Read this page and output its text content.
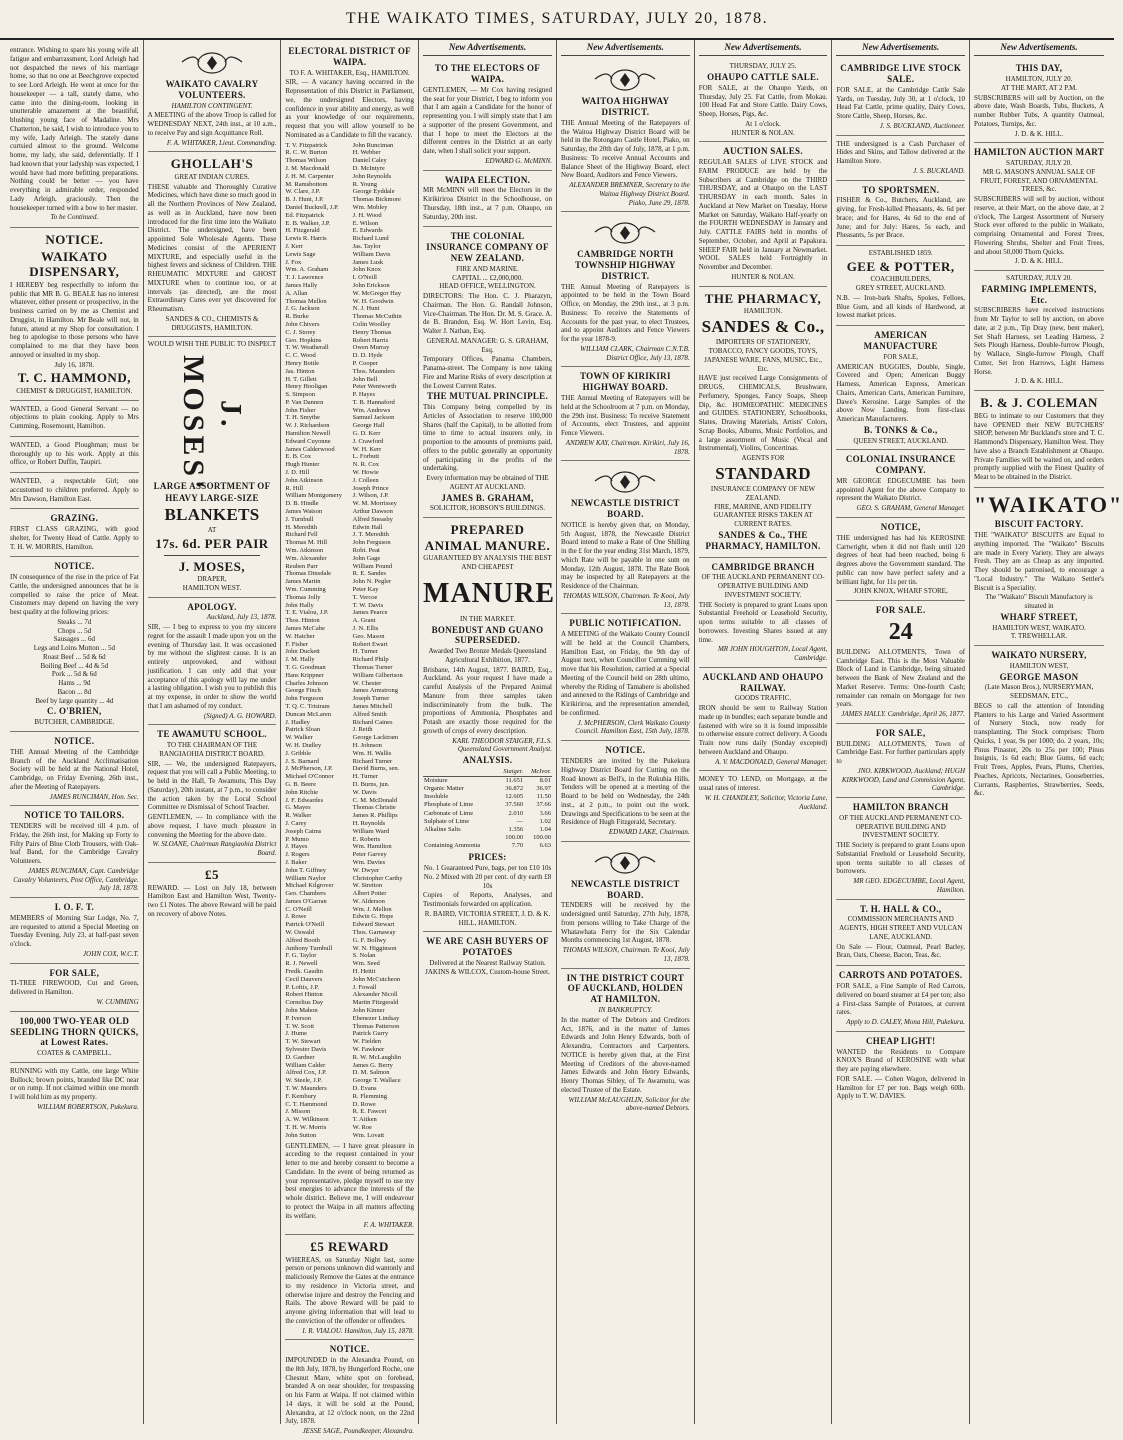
THE WAIKATO TIMES, SATURDAY, JULY 20, 1878.
entrance. Wishing to spare his young wife all fatigue and embarrassment, Lord Arleigh had not despatched the news of his marriage home, so that no one at Beechgrove expected to see Lord Arleigh. He went at once for the housekeeper — a tall, stately dame, who came into the dining-room, looking in unutterable amazement at the beautiful, blushing young face of Madaline. Mrs Chatterton, he said, I wish to introduce you to my wife, Lady Arleigh. The stately dame curtsied almost to the ground. Welcome home, my lady, she said, deferentially. If I had known that your ladyship was expected, I would have had more befitting preparations. Nothing could be better — you have everything in admirable order, responded Lady Arleigh, graciously. Then the housekeeper turned with a bow to her master.
To be Continued.
NOTICE.
WAIKATO DISPENSARY,
I HEREBY beg respectfully to inform the public that MR B. G. BEALE has no interest whatever, either present or prospective, in the business carried on by me as Chemist and Druggist, in Hamilton. Mr Beale will not, in future, attend at my Shop for consultation. I beg to apologise to those persons who have complained to me that they have been annoyed or insulted in my shop.
July 16, 1878.
T. C. HAMMOND,
CHEMIST & DRUGGIST, HAMILTON.
WANTED, a Good General Servant — no objections to plain cooking. Apply to Mrs Cumming, Rosemount, Hamilton.
WANTED, a Good Ploughman; must be thoroughly up to his work. Apply at this office, or Robert Duffin, Taupiri.
WANTED, a respectable Girl; one accustomed to children preferred. Apply to Mrs Dawson, Hamilton East.
GRAZING.
FIRST CLASS GRAZING, with good shelter, for Twenty Head of Cattle. Apply to T. H. W. MORRIS, Hamilton.
NOTICE.
IN consequence of the rise in the price of Fat Cattle, the undersigned announces that he is compelled to raise the price of Meat. Customers may depend on having the very best quality at the following prices:
Steaks ... 7d
Chops ... 5d
Sausages ... 6d
Legs and Loins Mutton ... 5d
Roast Beef ... 5d & 6d
Boiling Beef ... 4d & 5d
Pork ... 5d & 6d
Hams ... 9d
Bacon ... 8d
Beef by large quantity ... 4d
C. O'BRIEN,
BUTCHER, CAMBRIDGE.
NOTICE.
THE Annual Meeting of the Cambridge Branch of the Auckland Acclimatisation Society will be held at the National Hotel, Cambridge, on Friday Evening, 26th inst., after the Meeting of Ratepayers.
JAMES RUNCIMAN, Hon. Sec.
NOTICE TO TAILORS.
TENDERS will be received till 4 p.m. of Friday, the 26th inst, for Making up Forty to Fifty Pairs of Blue Cloth Trousers, with Oak-leaf Band, for the Cambridge Cavalry Volunteers.
JAMES RUNCIMAN, Capt. Cambridge Cavalry Volunteers, Post Office, Cambridge. July 18, 1878.
I. O. F. T.
MEMBERS of Morning Star Lodge, No. 7, are requested to attend a Special Meeting on Tuesday Evening, July 23, at half-past seven o'clock.
JOHN COX, W.C.T.
FOR SALE,
TI-TREE FIREWOOD, Cut and Green, delivered in Hamilton.
W. CUMMING
100,000 TWO-YEAR OLD SEEDLING THORN QUICKS, at Lowest Rates.
COATES & CAMPBELL.
RUNNING with my Cattle, one large White Bullock; brown points, branded like DC near or on rump. If not claimed within one month I will hold him as my property.
WILLIAM ROBERTSON, Pukekura.
WAIKATO CAVALRY VOLUNTEERS.
HAMILTON CONTINGENT.
A MEETING of the above Troop is called for WEDNESDAY NEXT, 24th inst., at 10 a.m., to receive Pay and sign Acquittance Roll.
F. A. WHITAKER, Lieut. Commanding.
GHOLLAH'S
GREAT INDIAN CURES.
THESE valuable and Thoroughly Curative Medicines, which have done so much good in all the Northern Provinces of New Zealand, as well as in Auckland, have now been introduced for the first time into the Waikato District. The undersigned, have been appointed Sole Wholesale Agents. These Medicines consist of the APERIENT MIXTURE, and especially useful in the highest fevers and sickness of Children. THE RHEUMATIC MIXTURE and GHOST MIXTURE when to continue too, or at intervals (as directed), are the most Extraordinary Cures ever yet discovered for Rheumatism.
SANDES & CO., CHEMISTS & DRUGGISTS, HAMILTON.
WOULD WISH THE PUBLIC TO INSPECT
J. MOSES'
LARGE ASSORTMENT OF
HEAVY LARGE-SIZE
BLANKETS
AT
17s. 6d. PER PAIR
J. MOSES,
DRAPER,
HAMILTON WEST.
APOLOGY.
Auckland, July 13, 1878.
SIR, — I beg to express to you my sincere regret for the assault I made upon you on the evening of Thursday last. It was occasioned by me without the slightest cause. It is an entirely unprovoked, and without justification. I can only add that your acceptance of this apology will lay me under a lasting obligation. I wish you to publish this at my expense, in order to show the world that I am ashamed of my conduct.
(Signed) A. G. HOWARD.
TE AWAMUTU SCHOOL.
TO THE CHAIRMAN OF THE RANGIAOHIA DISTRICT BOARD.
SIR, — We, the undersigned Ratepayers, request that you will call a Public Meeting, to be held in the Hall, Te Awamutu, This Day (Saturday), 20th instant, at 7 p.m., to consider the action taken by the Local School Committee re Dismissal of School Teacher.
GENTLEMEN, — In compliance with the above request, I have much pleasure in convening the Meeting for the above date.
W. SLOANE, Chairman Rangiaohia District Board.
£5
REWARD. — Lost on July 18, between Hamilton East and Hamilton West, Twenty-two £1 Notes. The above Reward will be paid on recovery of above Notes.
ELECTORAL DISTRICT OF WAIPA.
TO F. A. WHITAKER, Esq., HAMILTON.
SIR, — A vacancy having occurred in the Representation of this District in Parliament, we, the undersigned Electors, having confidence in your ability and energy, as well as your knowledge of our requirements, request that you will allow yourself to be Nominated as a Candidate to fill the vacancy.
T. V. Fitzpatrick
R. C. W. Burton
Thomas Wilson
J. M. Macdonald
J. H. M. Carpenter
M. Ramsbottom
W. Clare, J.P.
B. J. Hunt, J.P.
Daniel Buckrell, J.P.
Ed. Fitzpatrick
E. B. Walker, J.P.
H. Fitzgerald
Lewis R. Harris
J. Kerr
Lewis Sage
J. Fox
Wm. A. Graham
T. J. Lawrence
James Hally
A. Allan
Thomas Mellon
J. G. Jackson
R. Burke
John Chivers
C. J. Storey
Geo. Hopkins
T. W. Weatherall
C. C. Wood
Henry Bottle
Jas. Hinton
H. T. Gillett
Henry Hooligan
S. Simpson
P. Van Dannen
John Fisher
T. H. Smythe
W. J. Richardson
Hamilton Newell
Edward Cuyonne
James Calderwood
E. B. Cox
Hugh Hunter
J. D. Hill
John Atkinson
R. Hill
William Montgomery
D. B. Hindle
James Watson
J. Turnbull
H. Meredith
Richard Fell
Thomas M. Hill
Wm. Atkinson
Wm. Alexander
Reuben Parr
Thomas Dinsdale
James Martin
Wm. Cumming
Thomas Jolly
John Hally
T. E. Vialou, J.P.
Thos. Hinton
James McCabe
W. Hatcher
F. Fisher
John Duckett
J. M. Hally
T. G. Goodman
Hans Krippner
Charles Johnson
George Finch
John Ferguson
T. Q. C. Tristram
Duncan McLaren
J. Hadley
Patrick Sloan
W. Walker
W. H. Dudley
J. Gribble
J. S. Barnard
J. McPherson, J.P.
Michael O'Connor
G. B. Beere
John Ritchie
J. F. Edwardes
G. Mayes
R. Walker
J. Carey
Joseph Caims
P. Mumo
J. Hayes
J. Rogers
J. Baker
John T. Giffney
William Naylor
Michael Kilgrover
Geo. Chambers
James O'Garran
C. O'Neill
J. Rowe
Patrick O'Neill
W. Oswald
Alfred Booth
Anthony Turnbull
F. G. Taylor
R. J. Newell
Fredk. Gaudin
Cecil Dauvers
P. Loftis, J.P.
Robert Hinton
Cornelius Day
John Mahon
P. Iverson
T. W. Scott
J. Hume
T. W. Stewart
Sylvester Davis
D. Gardner
William Calder
Alfred Cox, J.P.
W. Steele, J.P.
T. W. Maunders
F. Kembury
C. T. Hammond
J. Misson
A. W. Wilkinson
T. H. W. Morris
John Sutton
John Runciman
H. Webber
Daniel Caley
D. McIntyre
John Reynolds
R. Young
George Eyddale
Thomas Bickmore
Wm. Mobley
J. H. Wood
E. Wilson
E. Edwards
Richard Lund
Jas. Taylor
William Davis
James Lusk
John Knox
I. O'Neill
John Erickson
W. McGregor Hay
W. H. Goodwin
N. J. Hunt
Thomas McCuthin
Colin Woolley
Henry Thomas
Robert Harris
Owen Murray
D. D. Hyde
P. Cooper
Thos. Maunders
John Bell
Peter Wentworth
P. Hayes
T. B. Hannaford
Wm. Andrews
Samuel Jackson
George Hall
G. D. Kerr
J. Crawford
W. H. Kerr
L. Forbutt
N. R. Cox
W. Howie
J. Colleen
Joseph Prince
J. Wilson, J.P.
W. M. Morrissey
Arthur Dawson
Alfred Sneasby
Edwin Hall
J. T. Meredith
John Ferguson
Robt. Peat
John Gage
William Pound
R. E. Sandes
John N. Pegler
Peter Kay
T. Vercoe
T. W. Davis
James Pearce
A. Grant
J. N. Ellis
Geo. Mason
Robert Ewart
H. Turner
Richard Philp
Thomas Turner
William Gilbertson
W. Chester
James Armstrong
Joseph Turner
James Mitchell
Alfred Smith
Richard Caines
J. Reith
George Lacktram
H. Johnson
Wm. H. Wallis
Richard Turner
David Burns, sen.
H. Turner
D. Burns, jun.
W. Davis
C. M. McDonald
Thomas Christie
James R. Phillips
H. Reynolds
William Ward
E. Roberts
Wm. Hamilton
Peter Garvey
Wm. Davies
W. Dwyer
Christopher Carthy
W. Stretton
Albert Potter
W. Alderson
Wm. J. Mellon
Edwin G. Hope
Edward Stewart
Thos. Garnaway
G. F. Bollwy
W. N. Higginson
S. Nolan
Wm. Seed
H. Hettit
John McCutcheon
J. Fowall
Alexander Nicoll
Martin Fitzgerald
John Kinner
Ebenezer Lindsay
Thomas Patterson
Patrick Gurry
W. Fielden
W. Fawkner
R. W. McLaughlin
James G. Berry
D. M. Salmon
George T. Wallace
D. Evans
R. Flemming
D. Rowe
R. E. Fawcet
T. Aitken
W. Roe
Wm. Lovatt
GENTLEMEN, — I have great pleasure in acceding to the request contained in your letter to me and hereby consent to become a Candidate. In the event of being returned as your representative, pledge myself to use my best energies to advance the interests of the whole district. Believe me, I will endeavour to protect the Waipa in all matters affecting its welfare.
F. A. WHITAKER.
£5 REWARD
WHEREAS, on Saturday Night last, some person or persons unknown did wantonly and maliciously Remove the Gates at the entrance to my residence in Victoria street, and otherwise injure and destroy the Fencing and Rails. The above Reward will be paid to anyone giving information that will lead to the conviction of the offender or offenders.
I. R. VIALOU. Hamilton, July 15, 1878.
NOTICE.
IMPOUNDED in the Alexandra Pound, on the 8th July, 1878, by Hungerford Roche, one Chesnut Mare, white spot on forehead, branded A on near shoulder, for trespassing on his Farm at Waipa. If not claimed within 14 days, it will be sold at the Pound, Alexandra, at 12 o'clock noon, on the 22nd July, 1878.
JESSE SAGE, Poundkeeper, Alexandra.
New Advertisements.
TO THE ELECTORS OF WAIPA.
GENTLEMEN, — Mr Cox having resigned the seat for your District, I beg to inform you that I am again a Candidate for the honor of representing you. I will simply state that I am a supporter of the present Government, and that I hope to meet the Electors at the different centres in the District at an early date, when I shall solicit your support.
EDWARD G. McMINN.
WAIPA ELECTION.
MR McMINN will meet the Electors in the Kirikiriroa District in the Schoolhouse, on Thursday, 18th inst., at 7 p.m. Ohaupo, on Saturday, 20th inst.
THE COLONIAL INSURANCE COMPANY OF NEW ZEALAND.
FIRE AND MARINE.
CAPITAL ... £2,000,000.
HEAD OFFICE, WELLINGTON.
DIRECTORS: The Hon. C. J. Pharazyn, Chairman. The Hon. G. Randall Johnson, Vice-Chairman. The Hon. Dr. M. S. Grace. A. de B. Brandon, Esq. W. Hort Levin, Esq. Walter J. Nathan, Esq.
GENERAL MANAGER: G. S. GRAHAM, Esq.
Temporary Offices, Panama Chambers, Panama-street. The Company is now taking Fire and Marine Risks of every description at the Lowest Current Rates.
THE MUTUAL PRINCIPLE.
This Company being compelled by its Articles of Association to reserve 100,000 Shares (half the Capital), to be allotted from time to time to actual insurers only, in proportion to the amounts of premiums paid, offers to the public generally an opportunity of participating in the profits of the undertaking.
Every information may be obtained of THE AGENT AT AUCKLAND.
JAMES B. GRAHAM,
SOLICITOR, HOBSON'S BUILDINGS.
PREPARED ANIMAL MANURE.
GUARANTEED BY ANALYSIS THE BEST AND CHEAPEST
MANURE
IN THE MARKET.
BONEDUST AND GUANO SUPERSEDED.
Awarded Two Bronze Medals Queensland Agricultural Exhibition, 1877.
Brisbane, 14th August, 1877. BAIRD, Esq., Auckland. As your request I have made a careful Analysis of the Prepared Animal Manure from three samples taken indiscriminately from the bulk. The proportions of Ammonia, Phosphates and Potash are exactly those required for the growth of crops of every description.
KARL THEODOR STAIGER, F.L.S. Queensland Government Analyst.
ANALYSIS.
	Staiger.	McIvor.
Moisture	11.651	8.01
Organic Matter	36.872	36.97
Insoluble	12.605	11.50
Phosphate of Lime	37.560	37.66
Carbonate of Lime	2.010	3.66
Sulphate of Lime	—	1.02
Alkaline Salts	1.356	1.04
	100.00	100.00
Containing Ammonia	7.70	6.63
PRICES:
No. 1 Guaranteed Pure, bags, per ton £10 10s
No. 2 Mixed with 20 per cent. of dry earth £8 10s
Copies of Reports, Analyses, and Testimonials forwarded on application.
R. BAIRD, VICTORIA STREET, J. D. & K. HILL, HAMILTON.
WE ARE CASH BUYERS OF POTATOES
Delivered at the Nearest Railway Station.
JAKINS & WILCOX, Custom-house Street.
New Advertisements.
WAITOA HIGHWAY DISTRICT.
THE Annual Meeting of the Ratepayers of the Waitoa Highway District Board will be held in the Rotongaro Castle Hotel, Piako, on Saturday, the 20th day of July, 1878, at 1 p.m. Business: To receive Annual Accounts and Balance Sheet of the Highway Board, elect New Board, Auditors and Fence Viewers.
ALEXANDER BREMNER, Secretary to the Waitoa Highway District Board.
Piako, June 29, 1878.
CAMBRIDGE NORTH TOWNSHIP HIGHWAY DISTRICT.
THE Annual Meeting of Ratepayers is appointed to be held in the Town Board Office, on Monday, the 29th inst., at 3 p.m. Business: To receive the Statements of Accounts for the past year, to elect Trustees, and to appoint Auditors and Fence Viewers for the year 1878-9.
WILLIAM CLARK, Chairman C.N.T.B. District Office, July 13, 1878.
TOWN OF KIRIKIRI HIGHWAY BOARD.
THE Annual Meeting of Ratepayers will be held at the Schoolroom at 7 p.m. on Monday, the 29th inst. Business: To receive Statement of Accounts, elect Trustees, and appoint Fence Viewers.
ANDREW KAY, Chairman. Kirikiri, July 16, 1878.
NEWCASTLE DISTRICT BOARD.
NOTICE is hereby given that, on Monday, 5th August, 1878, the Newcastle District Board intend to make a Rate of One Shilling in the £ for the year ending 31st March, 1879, which Rate will be payable in one sum on Monday, 12th August, 1878. The Rate Book may be inspected by all Ratepayers at the Residence of the Chairman.
THOMAS WILSON, Chairman. Te Kooi, July 13, 1878.
PUBLIC NOTIFICATION.
A MEETING of the Waikato County Council will be held at the Council Chambers, Hamilton East, on Friday, the 9th day of August next, when Councillor Cumming will move that his Resolution, carried at a Special Meeting of the Council held on 28th ultimo, whereby the Riding of Tamahere is abolished and annexed to the Ridings of Cambridge and Kirikiriroa, and the representation amended, be confirmed.
J. McPHERSON, Clerk Waikato County Council. Hamilton East, 15th July, 1878.
NOTICE.
TENDERS are invited by the Pukekura Highway District Board for Cutting on the Road known as Bell's, in the Rukuhia Hills. Tenders will be opened at a meeting of the Board to be held on Wednesday, the 24th inst., at 2 p.m., to point out the work. Drawings and Specifications to be seen at the Residence of Hugh Fitzgerald, Secretary.
EDWARD LAKE, Chairman.
NEWCASTLE DISTRICT BOARD.
TENDERS will be received by the undersigned until Saturday, 27th July, 1878, from persons willing to Take Charge of the Whatawhata Ferry for the Six Calendar Months commencing 1st August, 1878.
THOMAS WILSON, Chairman. Te Kooi, July 13, 1878.
IN THE DISTRICT COURT OF AUCKLAND, HOLDEN AT HAMILTON.
IN BANKRUPTCY.
In the matter of The Debtors and Creditors Act, 1876, and in the matter of James Edwards and John Henry Edwards, both of Alexandra, Contractors and Carpenters. NOTICE is hereby given that, at the First Meeting of Creditors of the above-named James Edwards and John Henry Edwards, Henry Thomas Sibley, of Te Awamutu, was elected Trustee of the Estate.
WILLIAM McLAUGHLIN, Solicitor for the above-named Debtors.
New Advertisements.
THURSDAY, JULY 25.
OHAUPO CATTLE SALE.
FOR SALE, at the Ohaupo Yards, on Thursday, July 25. Fat Cattle, from Mokau. 100 Head Fat and Store Cattle. Dairy Cows, Sheep, Horses, Pigs, &c.
At 1 o'clock.
HUNTER & NOLAN.
AUCTION SALES.
REGULAR SALES of LIVE STOCK and FARM PRODUCE are held by the Subscribers at Cambridge on the THIRD THURSDAY, and at Ohaupo on the LAST THURSDAY in each month. Sales in Auckland at New Market on Tuesday, Horse Market on Saturday, Waikato Half-yearly on the FOURTH WEDNESDAY in January and July. CATTLE FAIRS held in months of September, October, and April at Papakura. SHEEP FAIR held in January at Newmarket. WOOL SALES held Fortnightly in November and December.
HUNTER & NOLAN.
THE PHARMACY,
HAMILTON.
SANDES & Co.,
IMPORTERS OF STATIONERY, TOBACCO, FANCY GOODS, TOYS, JAPANESE WARE, FANS, MUSIC, Etc., Etc.
HAVE just received Large Consignments of DRUGS, CHEMICALS, Brushware, Perfumery, Sponges, Fancy Soaps, Sheep Dip, &c. HOMŒOPATHIC MEDICINES and GUIDES. STATIONERY, Schoolbooks, Slates, Drawing Materials, Artists' Colors, Scrap Books, Albums, Music Portfolios, and a large assortment of Music (Vocal and Instrumental), Violins, Concertinas.
AGENTS FOR
STANDARD
INSURANCE COMPANY OF NEW ZEALAND.
FIRE, MARINE, AND FIDELITY GUARANTEE RISKS TAKEN AT CURRENT RATES.
SANDES & Co., THE PHARMACY, HAMILTON.
CAMBRIDGE BRANCH
OF THE AUCKLAND PERMANENT CO-OPERATIVE BUILDING AND INVESTMENT SOCIETY.
THE Society is prepared to grant Loans upon Substantial Freehold or Leasehold Security, upon terms suitable to all classes of borrowers. Investing Shares issued at any time.
MR JOHN HOUGHTON, Local Agent, Cambridge.
AUCKLAND AND OHAUPO RAILWAY.
GOODS TRAFFIC.
IRON should be sent to Railway Station made up in bundles; each separate bundle and fastened with wire so it is found impossible to otherwise ensure correct delivery. A Goods Train now runs daily (Sunday excepted) between Auckland and Ohaupo.
A. V. MACDONALD, General Manager.
MONEY TO LEND, on Mortgage, at the usual rates of interest.
W. H. CHANDLEY, Solicitor, Victoria Lane, Auckland.
New Advertisements.
CAMBRIDGE LIVE STOCK SALE.
FOR SALE, at the Cambridge Cattle Sale Yards, on Tuesday, July 30, at 1 o'clock, 10 Head Fat Cattle, prime quality, Dairy Cows, Store Cattle, Sheep, Horses, &c.
J. S. BUCKLAND, Auctioneer.
THE undersigned is a Cash Purchaser of Hides and Skins, and Tallow delivered at the Hamilton Store.
J. S. BUCKLAND.
TO SPORTSMEN.
FISHER & Co., Butchers, Auckland, are giving, for Fresh-killed Pheasants, 4s. 6d per brace; and for Hares, 4s 6d to the end of June; and for July: Hares, 5s each, and Pheasants, 5s per Brace.
ESTABLISHED 1859.
GEE & POTTER,
COACHBUILDERS,
GREY STREET, AUCKLAND.
N.B. — Iron-bark Shafts, Spokes, Felloes, Blue Gum, and all kinds of Hardwood, at lowest market prices.
AMERICAN MANUFACTURE
FOR SALE,
AMERICAN BUGGIES, Double, Single, Covered and Open; American Buggy Harness, American Express, American Chairs, American Carts, American Furniture, Dawe's Kerosine. Large Samples of the above Now Landing, from first-class American Manufacturers.
B. TONKS & Co.,
QUEEN STREET, AUCKLAND.
COLONIAL INSURANCE COMPANY.
MR GEORGE EDGECUMBE has been appointed Agent for the above Company to represent the Waikato District.
GEO. S. GRAHAM, General Manager.
NOTICE,
THE undersigned has had his KEROSINE Cartwright, when it did not flash until 120 degrees of heat had been reached, being 6 degrees above the Government standard. The public can now have perfect safety and a brilliant light, for 11s per tin.
JOHN KNOX, WHARF STORE,
FOR SALE.
24
BUILDING ALLOTMENTS, Town of Cambridge East. This is the Most Valuable Block of Land in Cambridge, being situated between the Bank of New Zealand and the Market Reserve. Terms: One-fourth Cash; remainder can remain on Mortgage for two years.
JAMES HALLY. Cambridge, April 26, 1877.
FOR SALE,
BUILDING ALLOTMENTS, Town of Cambridge East. For further particulars apply to
JNO. KIRKWOOD, Auckland; HUGH KIRKWOOD, Land and Commission Agent, Cambridge.
HAMILTON BRANCH
OF THE AUCKLAND PERMANENT CO-OPERATIVE BUILDING AND INVESTMENT SOCIETY.
THE Society is prepared to grant Loans upon Substantial Freehold or Leasehold Security, upon terms suitable to all classes of borrowers.
MR GEO. EDGECUMBE, Local Agent, Hamilton.
T. H. HALL & CO.,
COMMISSION MERCHANTS AND AGENTS, HIGH STREET AND VULCAN LANE, AUCKLAND.
On Sale — Flour, Oatmeal, Pearl Barley, Bran, Oats, Cheese, Bacon, Teas, &c.
CARROTS AND POTATOES.
FOR SALE, a Fine Sample of Red Carrots, delivered on board steamer at £4 per ton; also a First-class Sample of Potatoes, at current rates.
Apply to D. CALEY, Mona Hill, Pukekura.
CHEAP LIGHT!
WANTED the Residents to Compare KNOX'S Brand of KEROSINE with what they are paying elsewhere.
FOR SALE. — Cohen Wagon, delivered in Hamilton for £7 per ton. Bags weigh 60lb. Apply to T. W. DAVIES.
New Advertisements.
THIS DAY,
HAMILTON, JULY 20.
AT THE MART, AT 2 P.M.
SUBSCRIBERS will sell by Auction, on the above date, Wash Boards, Tubs, Buckets, A number Rubber Tubs, A quantity Oatmeal, Potatoes, Turnips, &c.
J. D. & K. HILL.
HAMILTON AUCTION MART
SATURDAY, JULY 20.
MR G. MASON'S ANNUAL SALE OF FRUIT, FOREST, AND ORNAMENTAL TREES, &c.
SUBSCRIBERS will sell by auction, without reserve, at their Mart, on the above date, at 2 o'clock, The Largest Assortment of Nursery Stock ever offered to the public in Waikato, comprising Ornamental and Forest Trees, Flowering Shrubs, Shelter and Fruit Trees, and about 50,000 Thorn Quicks.
J. D. & K. HILL.
SATURDAY, JULY 20.
FARMING IMPLEMENTS, Etc.
SUBSCRIBERS have received instructions from Mr Taylor to sell by auction, on above date, at 2 p.m., Tip Dray (new, bent maker), Set Shaft Harness, set Leading Harness, 2 Sets Plough Harness, Double-furrow Plough, by Wallace, Single-furrow Plough, Chaff Cutter, Set Iron Harrows, Light Harness Horse.
J. D. & K. HILL.
B. & J. COLEMAN
BEG to intimate to our Customers that they have OPENED their NEW BUTCHERS' SHOP, between Mr Buckland's store and T. C. Hammond's Dispensary, Hamilton West. They have also a Branch Establishment at Ohaupo. Private Families will be waited on, and orders promptly supplied with the Finest Quality of Meat to be obtained in the District.
"WAIKATO"
BISCUIT FACTORY.
THE "WAIKATO" BISCUITS are Equal to anything imported. The "Waikato" Biscuits are made in Every Variety. They are always Fresh. They are as Cheap as any imported. They should be patronised, to encourage a "Local Industry." The Waikato Settler's Biscuit is a Speciality.
The "Waikato" Biscuit Manufactory is situated in
WHARF STREET,
HAMILTON WEST, WAIKATO.
T. TREWHELLAR.
WAIKATO NURSERY,
HAMILTON WEST,
GEORGE MASON
(Late Mason Bros.), NURSERYMAN, SEEDSMAN, ETC.,
BEGS to call the attention of Intending Planters to his Large and Varied Assortment of Nursery Stock, now ready for transplanting. The Stock comprises: Thorn Quicks, 1 year, 9s per 1000; do. 2 years, 10s; Pinus Pinaster, 20s to 25s per 100; Pinus Insignis, 1s 6d each; Blue Gums, 6d each; Fruit Trees, Apples, Pears, Plums, Cherries, Peaches, Apricots, Nectarines, Gooseberries, Currants, Raspberries, Strawberries, Seeds, &c.
